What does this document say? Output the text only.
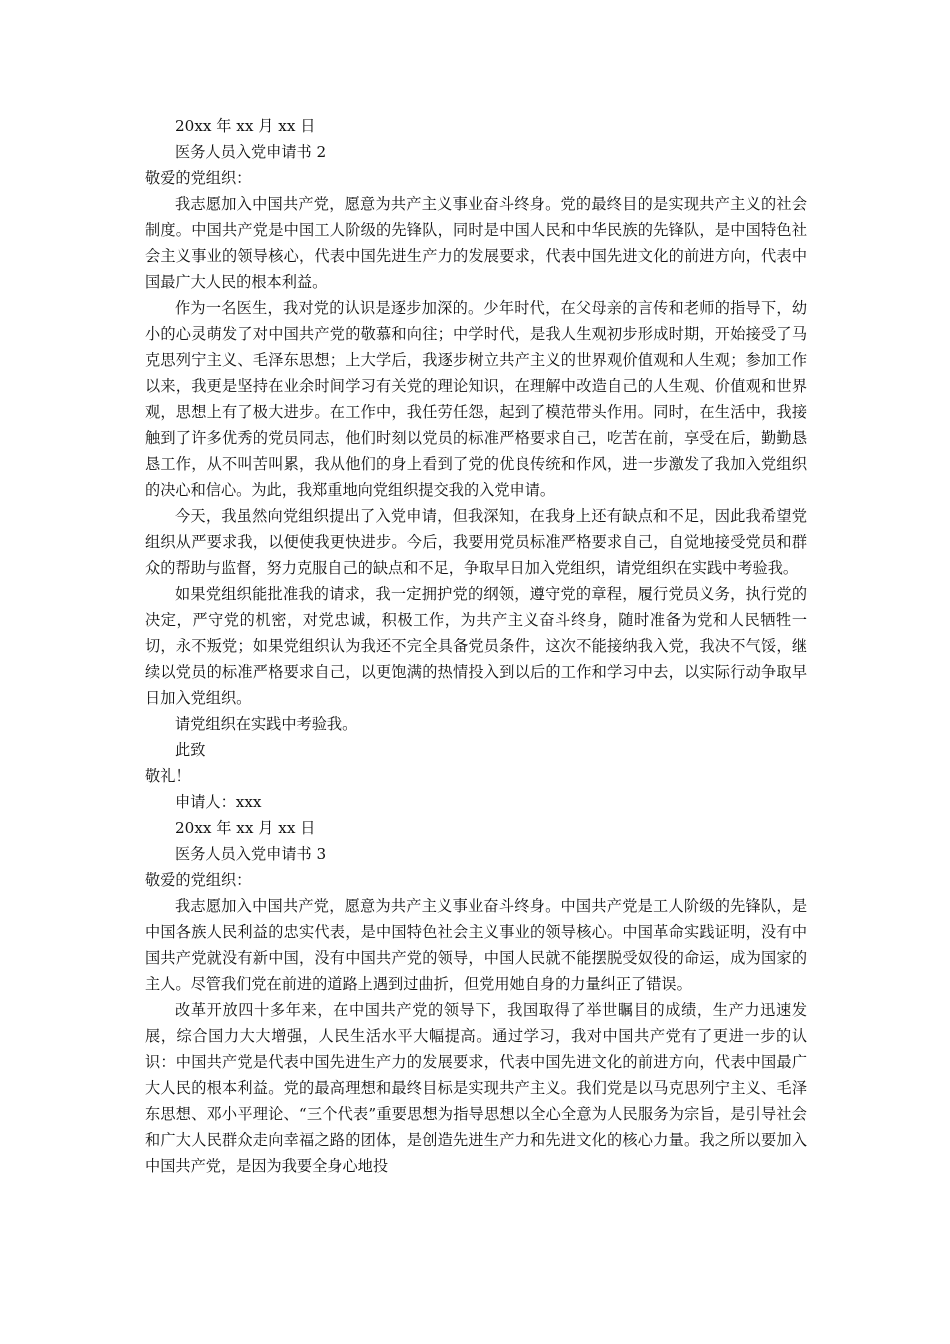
20xx 年 xx 月 xx 日
医务人员入党申请书 2
敬爱的党组织：

我志愿加入中国共产党，愿意为共产主义事业奋斗终身。党的最终目的是实现共产主义的社会制度。中国共产党是中国工人阶级的先锋队，同时是中国人民和中华民族的先锋队，是中国特色社会主义事业的领导核心，代表中国先进生产力的发展要求，代表中国先进文化的前进方向，代表中国最广大人民的根本利益。

作为一名医生，我对党的认识是逐步加深的。少年时代，在父母亲的言传和老师的指导下，幼小的心灵萌发了对中国共产党的敬慕和向往；中学时代，是我人生观初步形成时期，开始接受了马克思列宁主义、毛泽东思想；上大学后，我逐步树立共产主义的世界观价值观和人生观；参加工作以来，我更是坚持在业余时间学习有关党的理论知识，在理解中改造自己的人生观、价值观和世界观，思想上有了极大进步。在工作中，我任劳任怨，起到了模范带头作用。同时，在生活中，我接触到了许多优秀的党员同志，他们时刻以党员的标准严格要求自己，吃苦在前，享受在后，勤勤恳恳工作，从不叫苦叫累，我从他们的身上看到了党的优良传统和作风，进一步激发了我加入党组织的决心和信心。为此，我郑重地向党组织提交我的入党申请。

今天，我虽然向党组织提出了入党申请，但我深知，在我身上还有缺点和不足，因此我希望党组织从严要求我，以便使我更快进步。今后，我要用党员标准严格要求自己，自觉地接受党员和群众的帮助与监督，努力克服自己的缺点和不足，争取早日加入党组织，请党组织在实践中考验我。

如果党组织能批准我的请求，我一定拥护党的纲领，遵守党的章程，履行党员义务，执行党的决定，严守党的机密，对党忠诚，积极工作，为共产主义奋斗终身，随时准备为党和人民牺牲一切，永不叛党；如果党组织认为我还不完全具备党员条件，这次不能接纳我入党，我决不气馁，继续以党员的标准严格要求自己，以更饱满的热情投入到以后的工作和学习中去，以实际行动争取早日加入党组织。

请党组织在实践中考验我。
此致
敬礼！
申请人：xxx
20xx 年 xx 月 xx 日
医务人员入党申请书 3
敬爱的党组织：

我志愿加入中国共产党，愿意为共产主义事业奋斗终身。中国共产党是工人阶级的先锋队，是中国各族人民利益的忠实代表，是中国特色社会主义事业的领导核心。中国革命实践证明，没有中国共产党就没有新中国，没有中国共产党的领导，中国人民就不能摆脱受奴役的命运，成为国家的主人。尽管我们党在前进的道路上遇到过曲折，但党用她自身的力量纠正了错误。

改革开放四十多年来，在中国共产党的领导下，我国取得了举世瞩目的成绩，生产力迅速发展，综合国力大大增强，人民生活水平大幅提高。通过学习，我对中国共产党有了更进一步的认识：中国共产党是代表中国先进生产力的发展要求，代表中国先进文化的前进方向，代表中国最广大人民的根本利益。党的最高理想和最终目标是实现共产主义。我们党是以马克思列宁主义、毛泽东思想、邓小平理论、“三个代表”重要思想为指导思想以全心全意为人民服务为宗旨，是引导社会和广大人民群众走向幸福之路的团体，是创造先进生产力和先进文化的核心力量。我之所以要加入中国共产党，是因为我要全身心地投
